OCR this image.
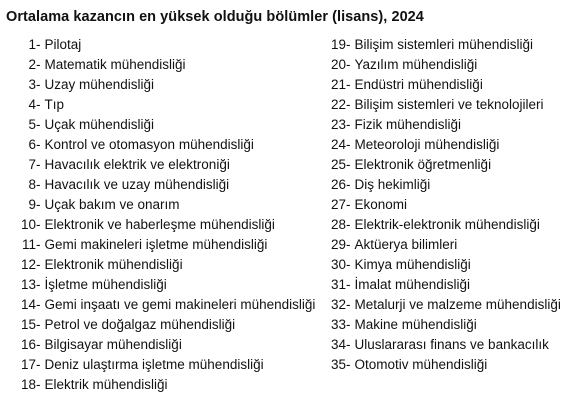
Ortalama kazancın en yüksek olduğu bölümler (lisans), 2024
1 - Pilotaj
2 - Matematik mühendisliği
3 - Uzay mühendisliği
4 - Tıp
5 - Uçak mühendisliği
6 - Kontrol ve otomasyon mühendisliği
7 - Havacılık elektrik ve elektroniği
8 - Havacılık ve uzay mühendisliği
9 - Uçak bakım ve onarım
10 - Elektronik ve haberleşme mühendisliği
11 - Gemi makineleri işletme mühendisliği
12 - Elektronik mühendisliği
13 - İşletme mühendisliği
14 - Gemi inşaatı ve gemi makineleri mühendisliği
15 - Petrol ve doğalgaz mühendisliği
16 - Bilgisayar mühendisliği
17 - Deniz ulaştırma işletme mühendisliği
18 - Elektrik mühendisliği
19 - Bilişim sistemleri mühendisliği
20 - Yazılım mühendisliği
21 - Endüstri mühendisliği
22 - Bilişim sistemleri ve teknolojileri
23 - Fizik mühendisliği
24 - Meteoroloji mühendisliği
25 - Elektronik öğretmenliği
26 - Diş hekimliği
27 - Ekonomi
28 - Elektrik-elektronik mühendisliği
29 - Aktüerya bilimleri
30 - Kimya mühendisliği
31 - İmalat mühendisliği
32 - Metalurji ve malzeme mühendisliği
33 - Makine mühendisliği
34 - Uluslararası finans ve bankacılık
35 - Otomotiv mühendisliği
